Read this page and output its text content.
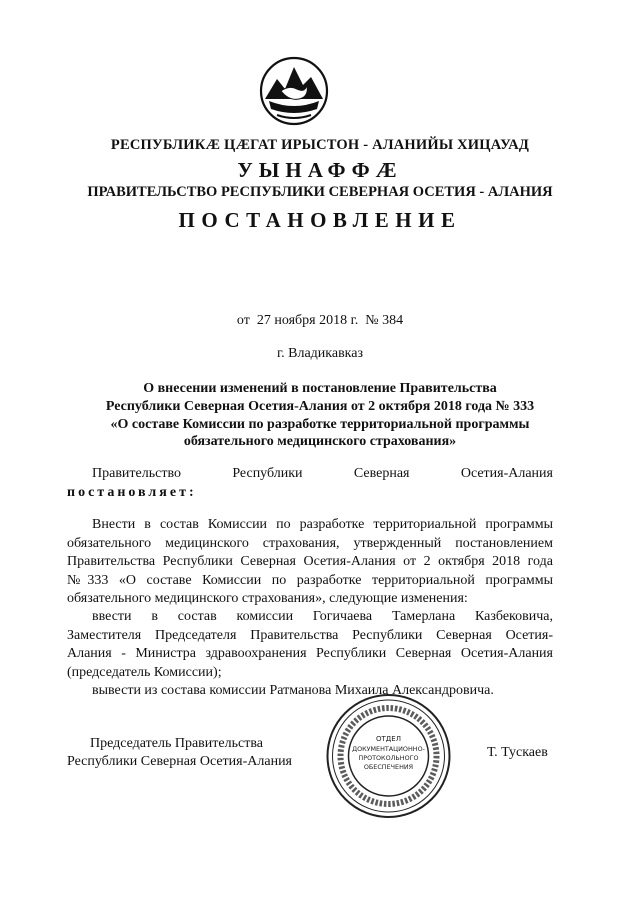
РЕСПУБЛИКӔ ЦӔГАТ ИРЫСТОН - АЛАНИЙЫ ХИЦАУАД
УЫНАФФӔ
ПРАВИТЕЛЬСТВО РЕСПУБЛИКИ СЕВЕРНАЯ ОСЕТИЯ - АЛАНИЯ
ПОСТАНОВЛЕНИЕ
от 27 ноября 2018 г. № 384
г. Владикавказ
О внесении изменений в постановление Правительства
Республики Северная Осетия-Алания от 2 октября 2018 года № 333
«О составе Комиссии по разработке территориальной программы
обязательного медицинского страхования»
Правительство	Республики	Северная	Осетия-Алания
постановляет:
Внести в состав Комиссии по разработке территориальной программы
обязательного медицинского страхования, утвержденный постановлением
Правительства Республики Северная Осетия-Алания от 2 октября 2018 года
№333 «О составе Комиссии по разработке территориальной программы
обязательного медицинского страхования», следующие изменения:
ввести в состав комиссии Гогичаева Тамерлана Казбековича,
Заместителя Председателя Правительства Республики Северная Осетия-
Алания - Министра здравоохранения Республики Северная Осетия-Алания
(председатель Комиссии);
вывести из состава комиссии Ратманова Михаила Александровича.
Председатель Правительства
Республики Северная Осетия-Алания
ОТДЕЛ
ДОКУМЕНТАЦИОННО-
ПРОТОКОЛЬНОГО
ОБЕСПЕЧЕНИЯ
Т. Тускаев
